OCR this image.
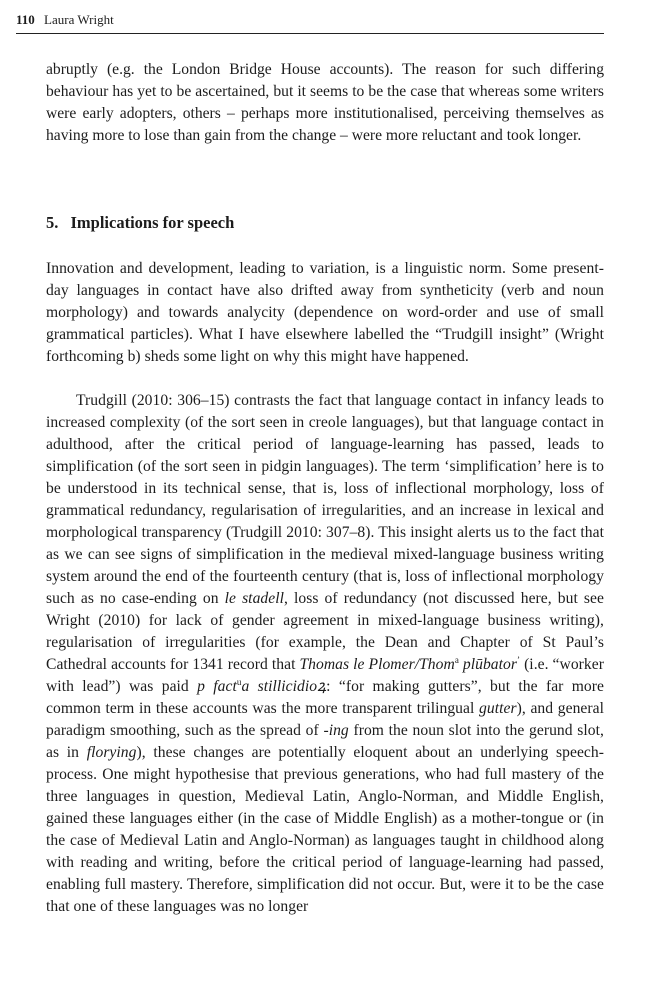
110 Laura Wright

abruptly (e.g. the London Bridge House accounts). The reason for such differing behaviour has yet to be ascertained, but it seems to be the case that whereas some writers were early adopters, others – perhaps more institutionalised, perceiving themselves as having more to lose than gain from the change – were more reluctant and took longer.

5. Implications for speech

Innovation and development, leading to variation, is a linguistic norm. Some present-day languages in contact have also drifted away from syntheticity (verb and noun morphology) and towards analycity (dependence on word-order and use of small grammatical particles). What I have elsewhere labelled the “Trudgill insight” (Wright forthcoming b) sheds some light on why this might have happened.

Trudgill (2010: 306–15) contrasts the fact that language contact in infancy leads to increased complexity (of the sort seen in creole languages), but that language contact in adulthood, after the critical period of language-learning has passed, leads to simplification (of the sort seen in pidgin languages). The term ‘simplification’ here is to be understood in its technical sense, that is, loss of inflectional morphology, loss of grammatical redundancy, regularisation of irregularities, and an increase in lexical and morphological transparency (Trudgill 2010: 307–8). This insight alerts us to the fact that as we can see signs of simplification in the medieval mixed-language business writing system around the end of the fourteenth century (that is, loss of inflectional morphology such as no case-ending on le stadell, loss of redundancy (not discussed here, but see Wright (2010) for lack of gender agreement in mixed-language business writing), regularisation of irregularities (for example, the Dean and Chapter of St Paul’s Cathedral accounts for 1341 record that Thomas le Plomer/Thom$^a$ plūbator’ (i.e. “worker with lead”) was paid p fact$^u$a stillicidioꝝ: “for making gutters”, but the far more common term in these accounts was the more transparent trilingual gutter), and general paradigm smoothing, such as the spread of -ing from the noun slot into the gerund slot, as in florying), these changes are potentially eloquent about an underlying speech-process. One might hypothesise that previous generations, who had full mastery of the three languages in question, Medieval Latin, Anglo-Norman, and Middle English, gained these languages either (in the case of Middle English) as a mother-tongue or (in the case of Medieval Latin and Anglo-Norman) as languages taught in childhood along with reading and writing, before the critical period of language-learning had passed, enabling full mastery. Therefore, simplification did not occur. But, were it to be the case that one of these languages was no longer
